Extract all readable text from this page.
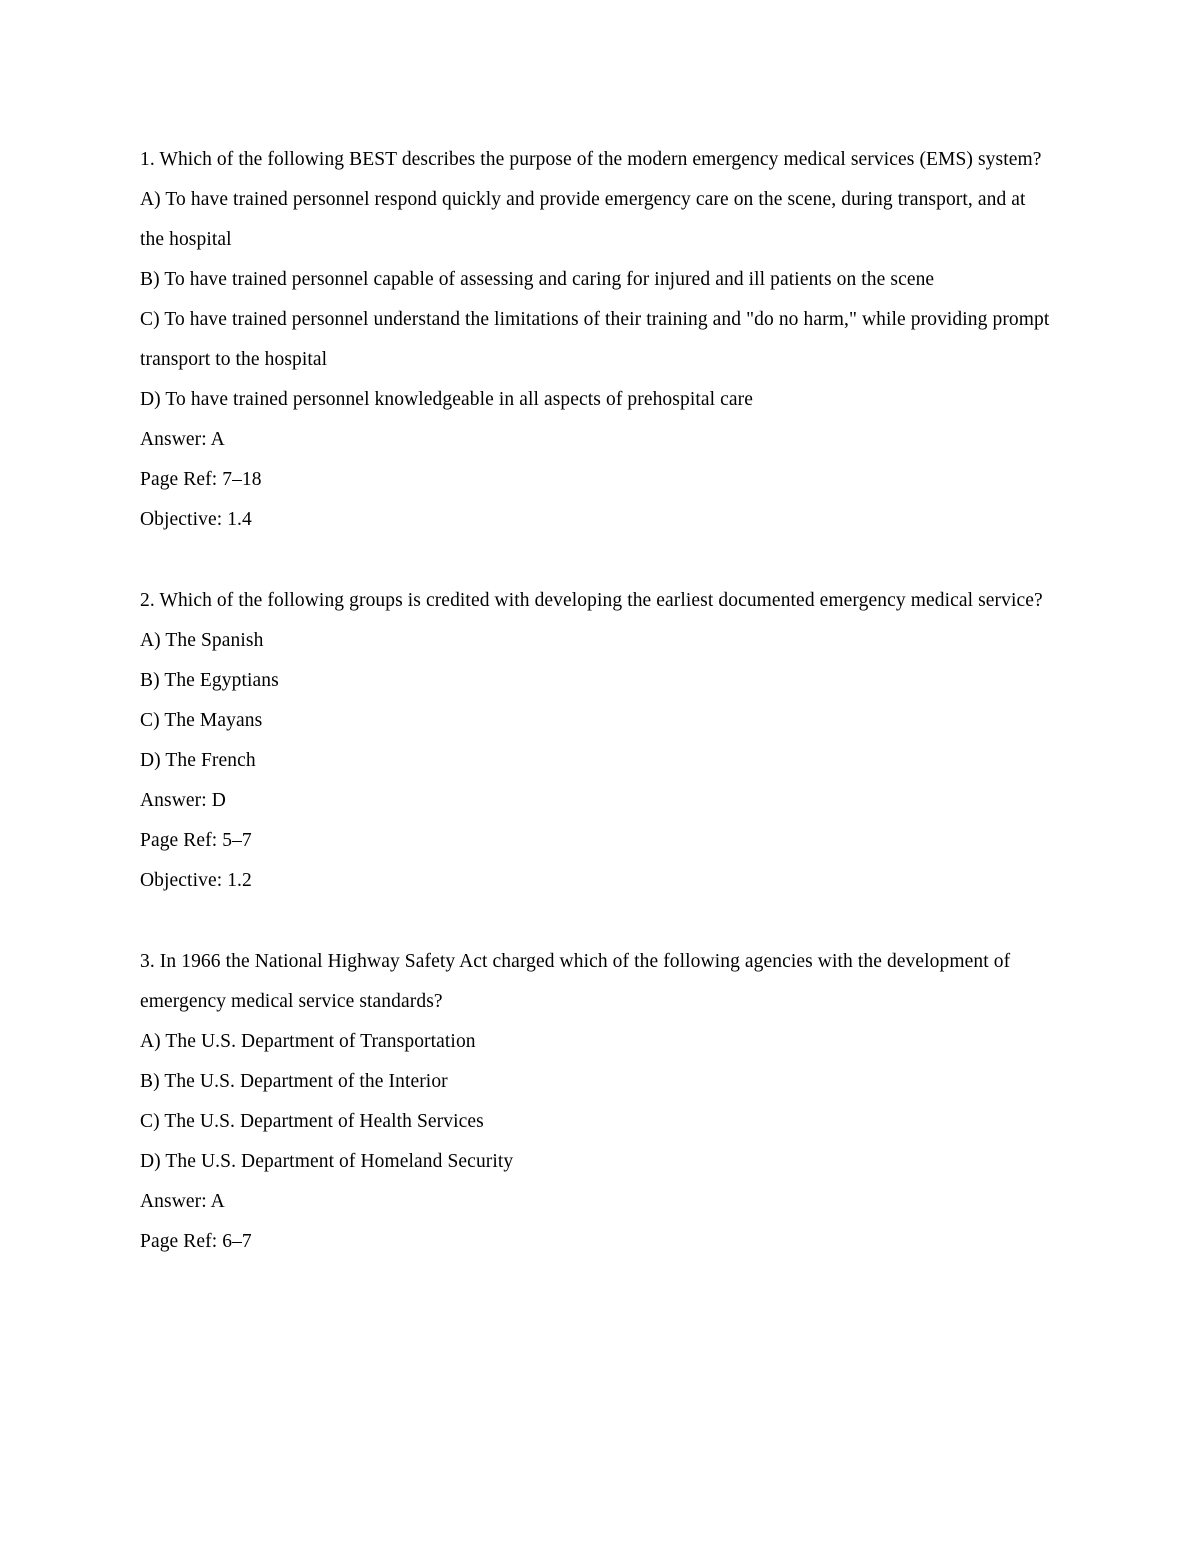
1. Which of the following BEST describes the purpose of the modern emergency medical services (EMS) system?

A) To have trained personnel respond quickly and provide emergency care on the scene, during transport, and at the hospital

B) To have trained personnel capable of assessing and caring for injured and ill patients on the scene

C) To have trained personnel understand the limitations of their training and "do no harm," while providing prompt transport to the hospital

D) To have trained personnel knowledgeable in all aspects of prehospital care

Answer: A

Page Ref: 7–18

Objective: 1.4

2. Which of the following groups is credited with developing the earliest documented emergency medical service?

A) The Spanish

B) The Egyptians

C) The Mayans

D) The French

Answer: D

Page Ref: 5–7

Objective: 1.2

3. In 1966 the National Highway Safety Act charged which of the following agencies with the development of emergency medical service standards?

A) The U.S. Department of Transportation

B) The U.S. Department of the Interior

C) The U.S. Department of Health Services

D) The U.S. Department of Homeland Security

Answer: A

Page Ref: 6–7
